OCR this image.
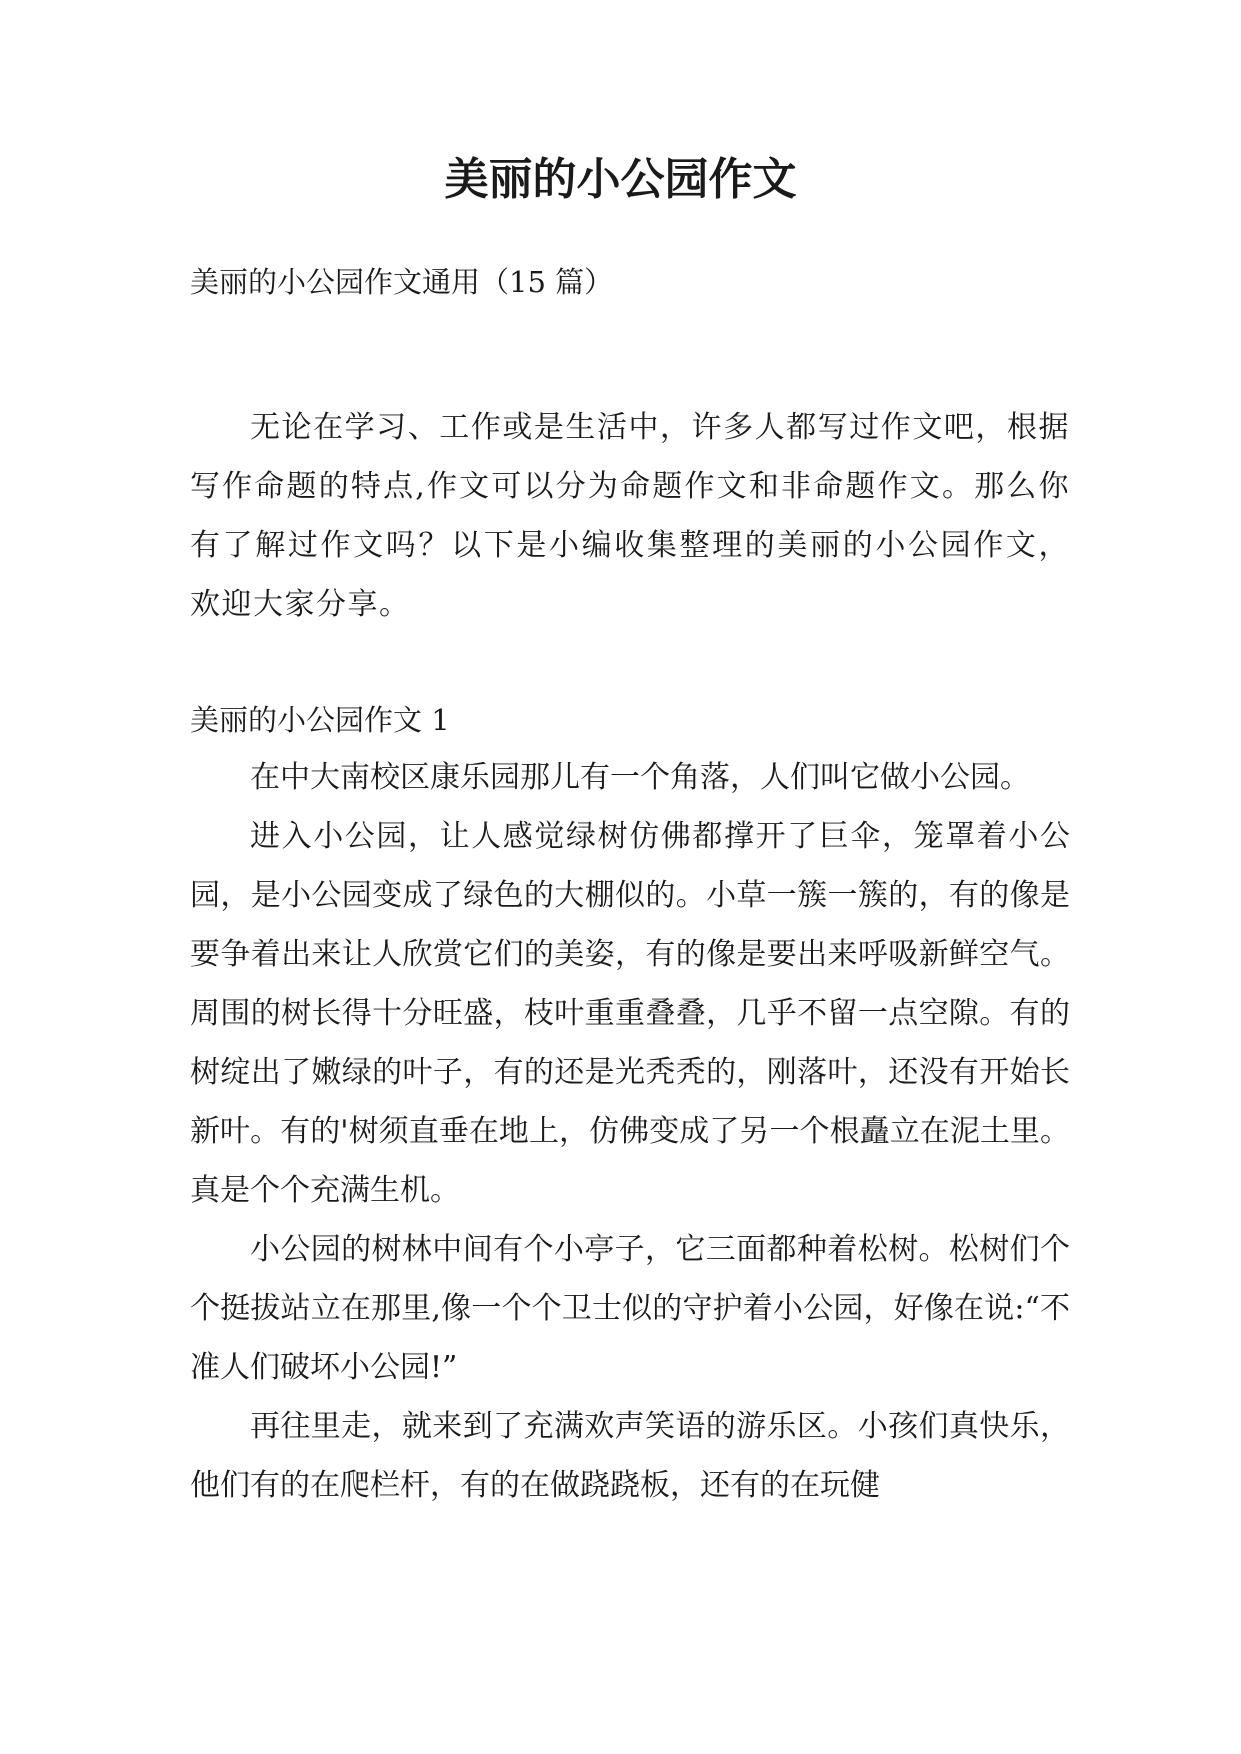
美丽的小公园作文
美丽的小公园作文通用（15 篇）

无论在学习、工作或是生活中，许多人都写过作文吧，根据写作命题的特点,作文可以分为命题作文和非命题作文。那么你有了解过作文吗？以下是小编收集整理的美丽的小公园作文，欢迎大家分享。

美丽的小公园作文 1

在中大南校区康乐园那儿有一个角落，人们叫它做小公园。

进入小公园，让人感觉绿树仿佛都撑开了巨伞，笼罩着小公园，是小公园变成了绿色的大棚似的。小草一簇一簇的，有的像是要争着出来让人欣赏它们的美姿，有的像是要出来呼吸新鲜空气。周围的树长得十分旺盛，枝叶重重叠叠，几乎不留一点空隙。有的树绽出了嫩绿的叶子，有的还是光秃秃的，刚落叶，还没有开始长新叶。有的'树须直垂在地上，仿佛变成了另一个根矗立在泥土里。真是个个充满生机。

小公园的树林中间有个小亭子，它三面都种着松树。松树们个个挺拔站立在那里,像一个个卫士似的守护着小公园，好像在说:“不准人们破坏小公园!”

再往里走，就来到了充满欢声笑语的游乐区。小孩们真快乐，他们有的在爬栏杆，有的在做跷跷板，还有的在玩健
